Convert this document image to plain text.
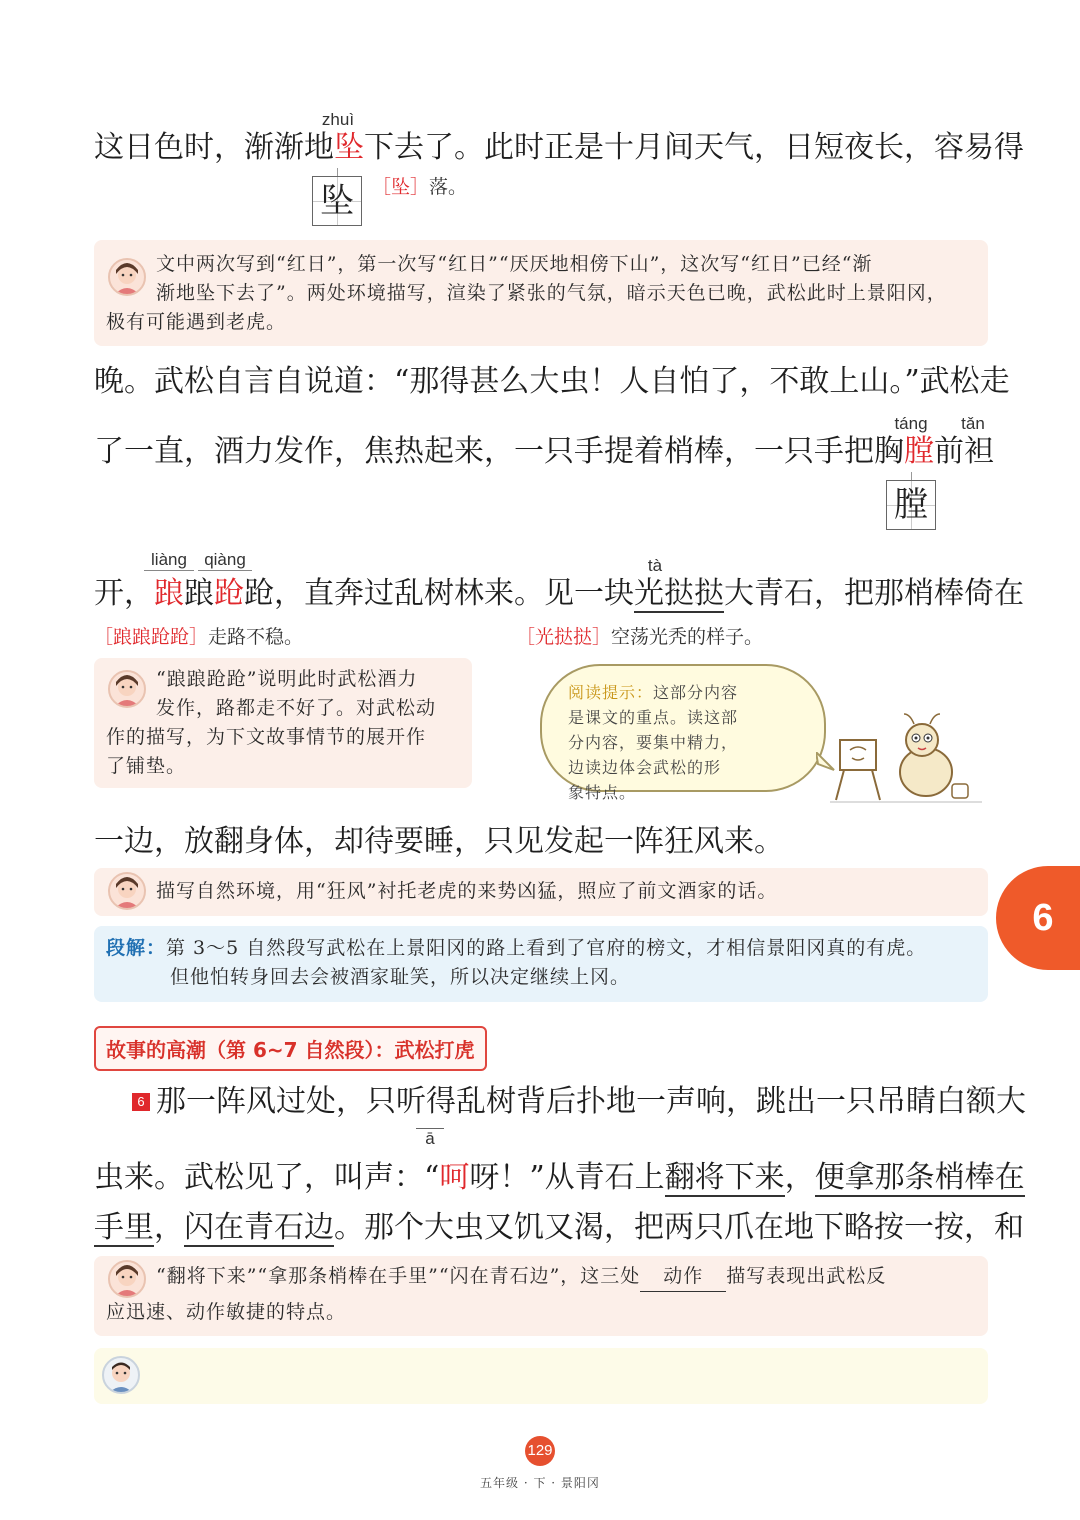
zhuì
这日色时，渐渐地坠下去了。此时正是十月间天气，日短夜长，容易得
坠 ［坠］落。
文中两次写到“红日”，第一次写“红日”“厌厌地相傍下山”，这次写“红日”已经“渐
渐地坠下去了”。两处环境描写，渲染了紧张的气氛，暗示天色已晚，武松此时上景阳冈，
极有可能遇到老虎。
晚。武松自言自说道：“那得甚么大虫！人自怕了，不敢上山。”武松走
táng	tǎn
了一直，酒力发作，焦热起来，一只手提着梢棒，一只手把胸膛前袒
膛
liàng	qiàng	tà
开，踉踉跄跄，直奔过乱树林来。见一块光挞挞大青石，把那梢棒倚在
［踉踉跄跄］走路不稳。	［光挞挞］空荡光秃的样子。
“踉踉跄跄”说明此时武松酒力
发作，路都走不好了。对武松动
作的描写，为下文故事情节的展开作
了铺垫。
阅读提示：这部分内容
是课文的重点。读这部
分内容，要集中精力，
边读边体会武松的形
象特点。
一边，放翻身体，却待要睡，只见发起一阵狂风来。
描写自然环境，用“狂风”衬托老虎的来势凶猛，照应了前文酒家的话。
段解：第 3～5 自然段写武松在上景阳冈的路上看到了官府的榜文，才相信景阳冈真的有虎。
但他怕转身回去会被酒家耻笑，所以决定继续上冈。
6
故事的高潮（第 6~7 自然段）：武松打虎
6 那一阵风过处，只听得乱树背后扑地一声响，跳出一只吊睛白额大
ā
虫来。武松见了，叫声：“呵呀！”从青石上翻将下来，便拿那条梢棒在
手里，闪在青石边。那个大虫又饥又渴，把两只爪在地下略按一按，和
“翻将下来”“拿那条梢棒在手里”“闪在青石边”，这三处 动作 描写表现出武松反
应迅速、动作敏捷的特点。
129
五年级 · 下 · 景阳冈
